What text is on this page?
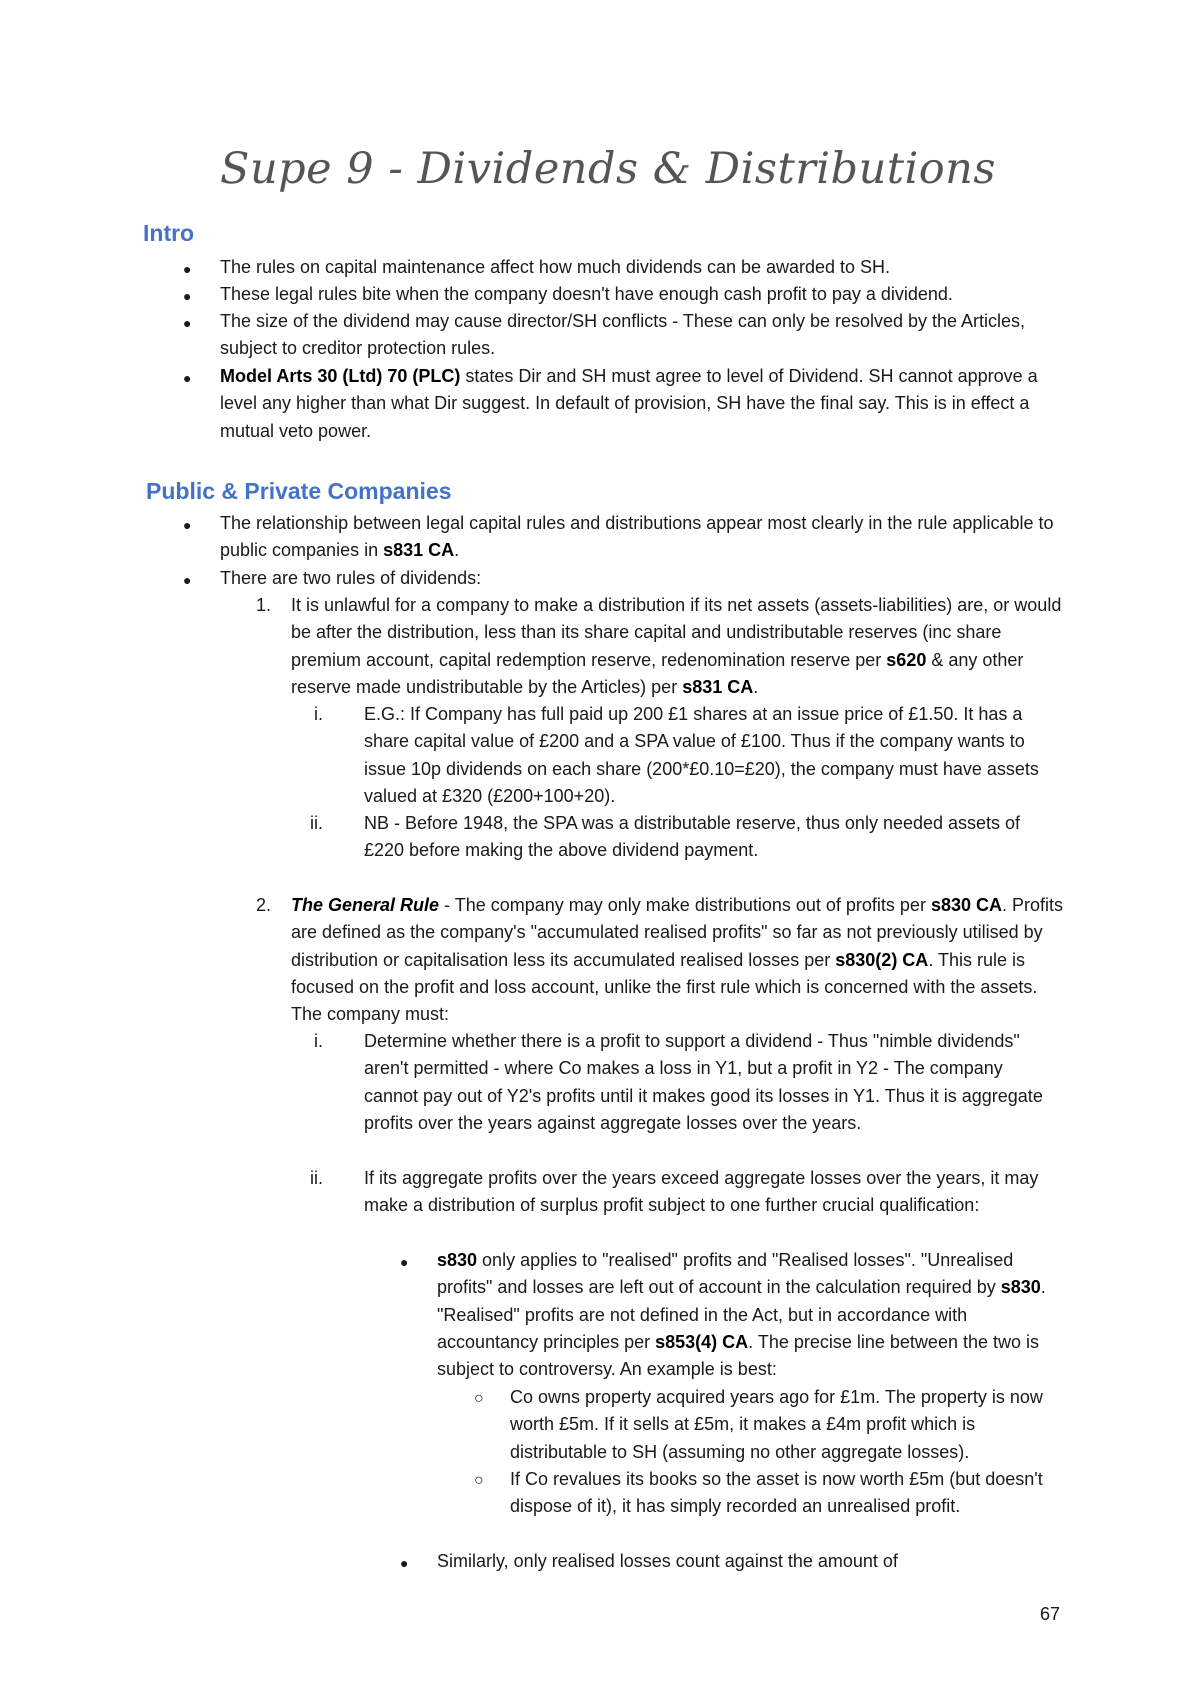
Supe 9 - Dividends & Distributions
Intro
● The rules on capital maintenance affect how much dividends can be awarded to SH.
● These legal rules bite when the company doesn't have enough cash profit to pay a dividend.
● The size of the dividend may cause director/SH conflicts - These can only be resolved by the Articles, subject to creditor protection rules.
● Model Arts 30 (Ltd) 70 (PLC) states Dir and SH must agree to level of Dividend. SH cannot approve a level any higher than what Dir suggest. In default of provision, SH have the final say. This is in effect a mutual veto power.
Public & Private Companies
● The relationship between legal capital rules and distributions appear most clearly in the rule applicable to public companies in s831 CA.
● There are two rules of dividends:
1. It is unlawful for a company to make a distribution if its net assets (assets-liabilities) are, or would be after the distribution, less than its share capital and undistributable reserves (inc share premium account, capital redemption reserve, redenomination reserve per s620 & any other reserve made undistributable by the Articles) per s831 CA.
i. E.G.: If Company has full paid up 200 £1 shares at an issue price of £1.50. It has a share capital value of £200 and a SPA value of £100. Thus if the company wants to issue 10p dividends on each share (200*£0.10=£20), the company must have assets valued at £320 (£200+100+20).
ii. NB - Before 1948, the SPA was a distributable reserve, thus only needed assets of £220 before making the above dividend payment.
2. The General Rule - The company may only make distributions out of profits per s830 CA. Profits are defined as the company's "accumulated realised profits" so far as not previously utilised by distribution or capitalisation less its accumulated realised losses per s830(2) CA. This rule is focused on the profit and loss account, unlike the first rule which is concerned with the assets. The company must:
i. Determine whether there is a profit to support a dividend - Thus "nimble dividends" aren't permitted - where Co makes a loss in Y1, but a profit in Y2 - The company cannot pay out of Y2's profits until it makes good its losses in Y1. Thus it is aggregate profits over the years against aggregate losses over the years.
ii. If its aggregate profits over the years exceed aggregate losses over the years, it may make a distribution of surplus profit subject to one further crucial qualification:
● s830 only applies to "realised" profits and "Realised losses". "Unrealised profits" and losses are left out of account in the calculation required by s830. "Realised" profits are not defined in the Act, but in accordance with accountancy principles per s853(4) CA. The precise line between the two is subject to controversy. An example is best:
○ Co owns property acquired years ago for £1m. The property is now worth £5m. If it sells at £5m, it makes a £4m profit which is distributable to SH (assuming no other aggregate losses).
○ If Co revalues its books so the asset is now worth £5m (but doesn't dispose of it), it has simply recorded an unrealised profit.
● Similarly, only realised losses count against the amount of
67
